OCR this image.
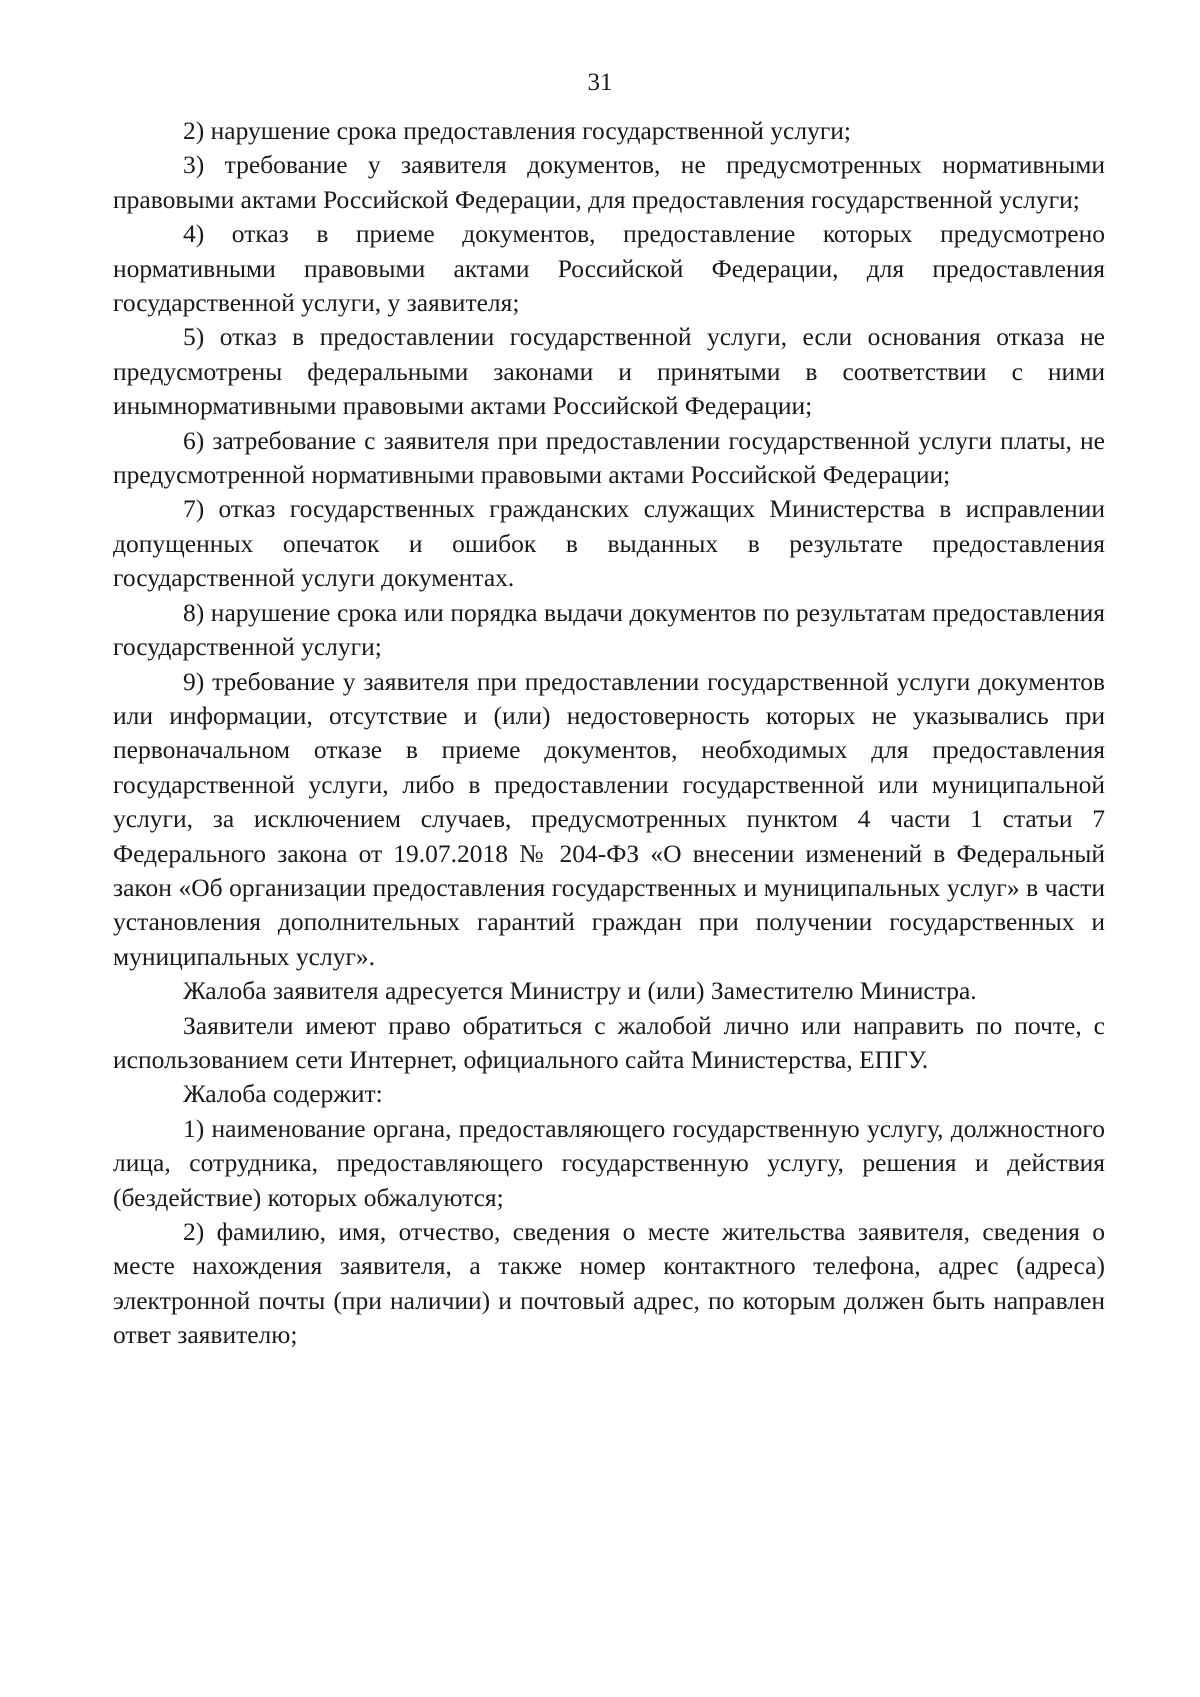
31

2) нарушение срока предоставления государственной услуги;

3) требование у заявителя документов, не предусмотренных нормативными правовыми актами Российской Федерации, для предоставления государственной услуги;

4) отказ в приеме документов, предоставление которых предусмотрено нормативными правовыми актами Российской Федерации, для предоставления государственной услуги, у заявителя;

5) отказ в предоставлении государственной услуги, если основания отказа не предусмотрены федеральными законами и принятыми в соответствии с ними инымнормативными правовыми актами Российской Федерации;

6) затребование с заявителя при предоставлении государственной услуги платы, не предусмотренной нормативными правовыми актами Российской Федерации;

7) отказ государственных гражданских служащих Министерства в исправлении допущенных опечаток и ошибок в выданных в результате предоставления государственной услуги документах.

8) нарушение срока или порядка выдачи документов по результатам предоставления государственной услуги;

9) требование у заявителя при предоставлении государственной услуги документов или информации, отсутствие и (или) недостоверность которых не указывались при первоначальном отказе в приеме документов, необходимых для предоставления государственной услуги, либо в предоставлении государственной или муниципальной услуги, за исключением случаев, предусмотренных пунктом 4 части 1 статьи 7 Федерального закона от 19.07.2018 № 204-ФЗ «О внесении изменений в Федеральный закон «Об организации предоставления государственных и муниципальных услуг» в части установления дополнительных гарантий граждан при получении государственных и муниципальных услуг».

Жалоба заявителя адресуется Министру и (или) Заместителю Министра.

Заявители имеют право обратиться с жалобой лично или направить по почте, с использованием сети Интернет, официального сайта Министерства, ЕПГУ.

Жалоба содержит:

1) наименование органа, предоставляющего государственную услугу, должностного лица, сотрудника, предоставляющего государственную услугу, решения и действия (бездействие) которых обжалуются;

2) фамилию, имя, отчество, сведения о месте жительства заявителя, сведения о месте нахождения заявителя, а также номер контактного телефона, адрес (адреса) электронной почты (при наличии) и почтовый адрес, по которым должен быть направлен ответ заявителю;
